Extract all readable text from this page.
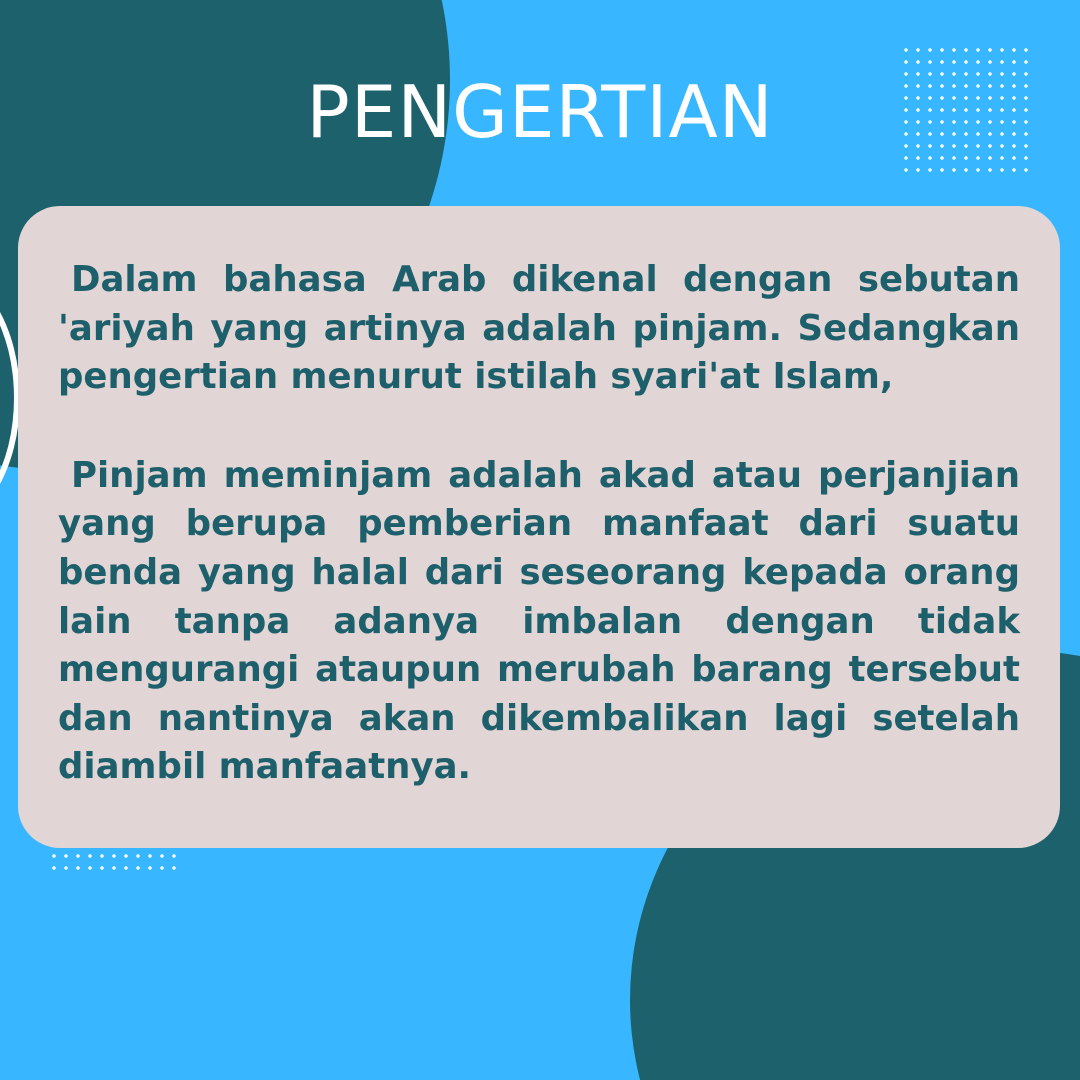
PENGERTIAN

Dalam bahasa Arab dikenal dengan sebutan 'ariyah yang artinya adalah pinjam. Sedangkan pengertian menurut istilah syari'at Islam,

Pinjam meminjam adalah akad atau perjanjian yang berupa pemberian manfaat dari suatu benda yang halal dari seseorang kepada orang lain tanpa adanya imbalan dengan tidak mengurangi ataupun merubah barang tersebut dan nantinya akan dikembalikan lagi setelah diambil manfaatnya.
